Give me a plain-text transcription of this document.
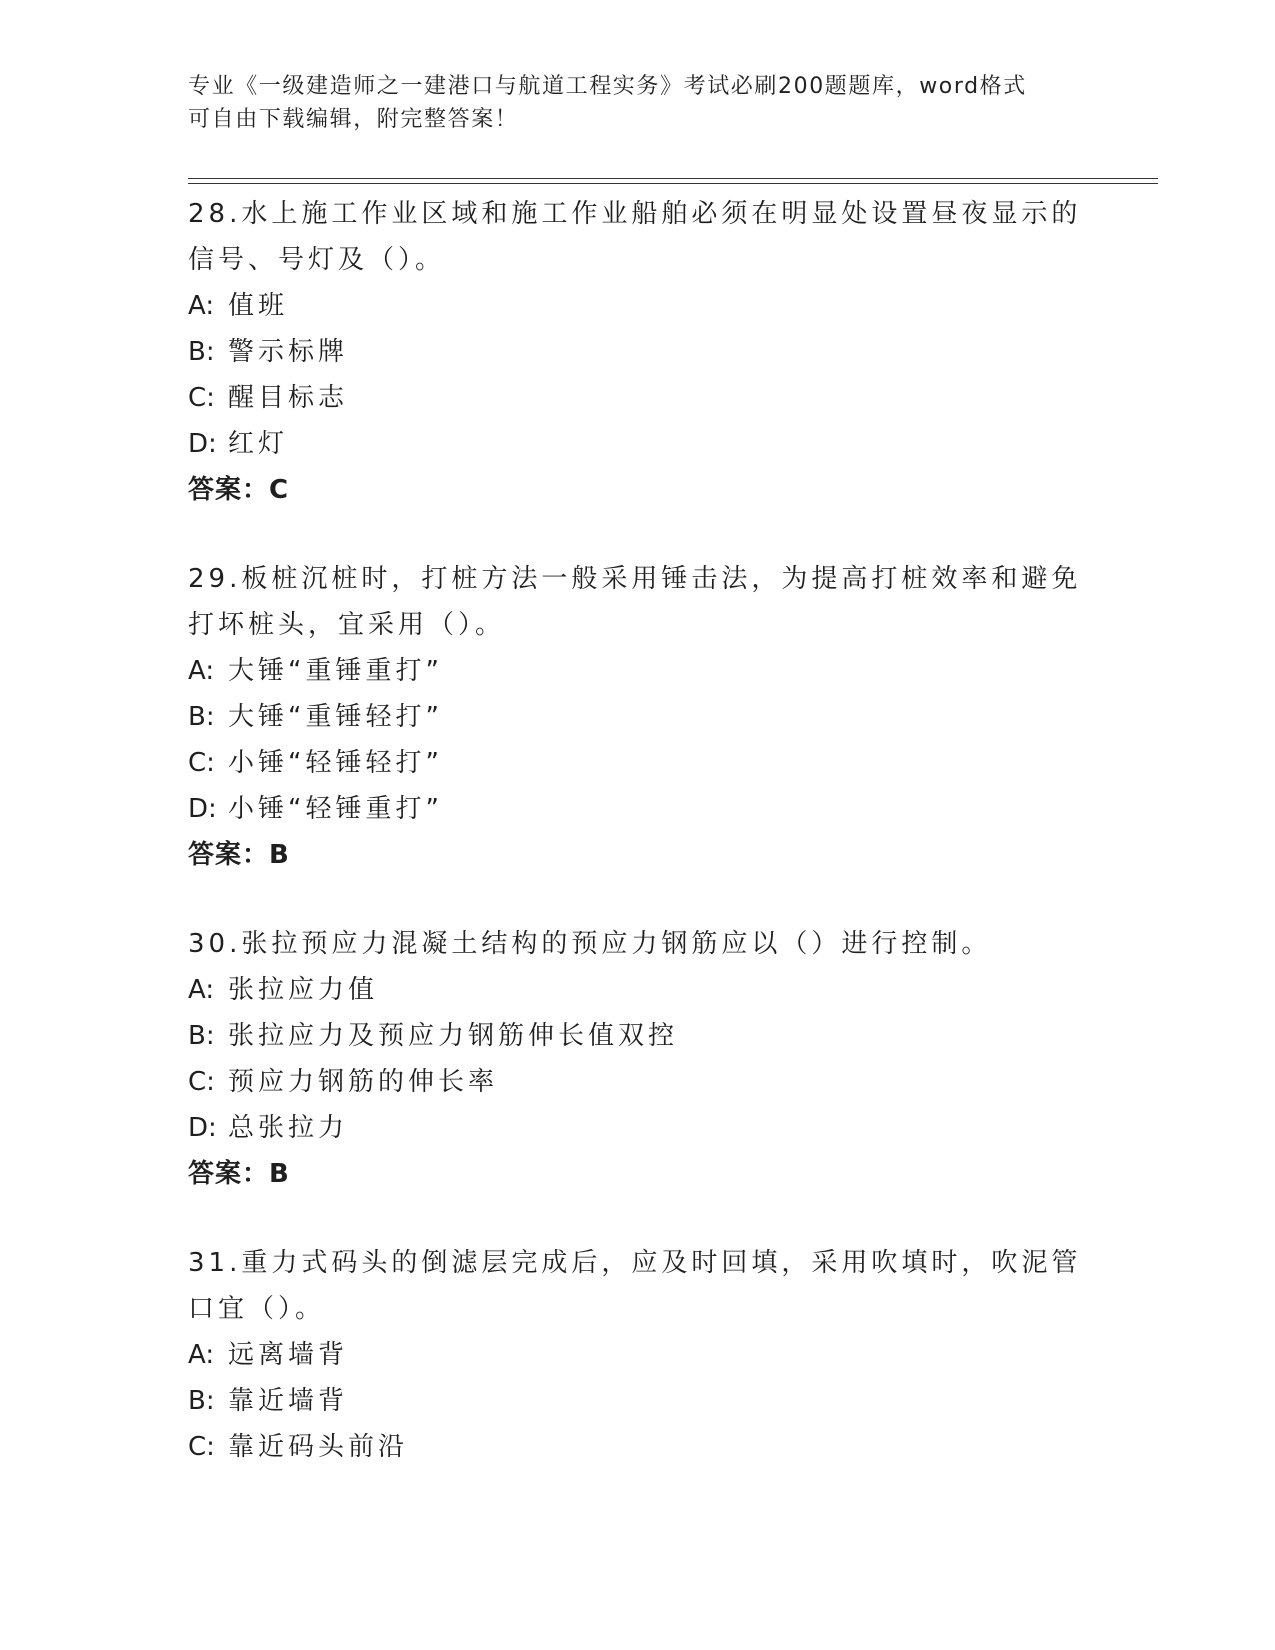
专业《一级建造师之一建港口与航道工程实务》考试必刷200题题库，word格式
可自由下载编辑，附完整答案！

28.水上施工作业区域和施工作业船舶必须在明显处设置昼夜显示的信号、号灯及（）。

A: 值班

B: 警示标牌

C: 醒目标志

D: 红灯

答案：C

29.板桩沉桩时，打桩方法一般采用锤击法，为提高打桩效率和避免打坏桩头，宜采用（）。

A: 大锤“重锤重打”

B: 大锤“重锤轻打”

C: 小锤“轻锤轻打”

D: 小锤“轻锤重打”

答案：B

30.张拉预应力混凝土结构的预应力钢筋应以（）进行控制。

A: 张拉应力值

B: 张拉应力及预应力钢筋伸长值双控

C: 预应力钢筋的伸长率

D: 总张拉力

答案：B

31.重力式码头的倒滤层完成后，应及时回填，采用吹填时，吹泥管口宜（）。

A: 远离墙背

B: 靠近墙背

C: 靠近码头前沿
